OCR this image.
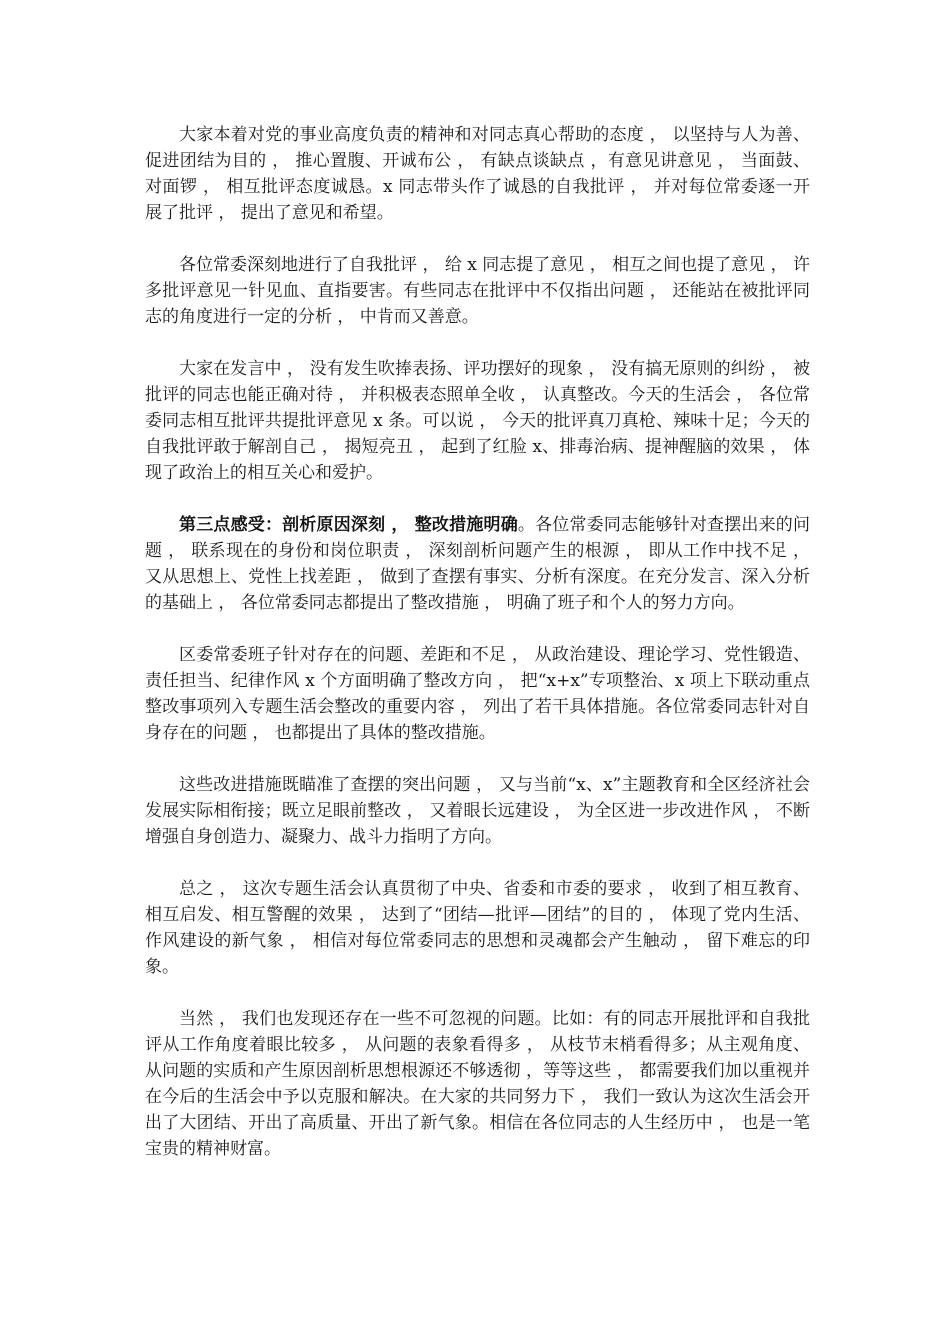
大家本着对党的事业高度负责的精神和对同志真心帮助的态度 ， 以坚持与人为善、促进团结为目的 ， 推心置腹、开诚布公 ， 有缺点谈缺点 ，有意见讲意见 ， 当面鼓、对面锣 ， 相互批评态度诚恳。x 同志带头作了诚恳的自我批评 ， 并对每位常委逐一开展了批评 ， 提出了意见和希望。

各位常委深刻地进行了自我批评 ， 给 x 同志提了意见 ， 相互之间也提了意见 ， 许多批评意见一针见血、直指要害。有些同志在批评中不仅指出问题 ， 还能站在被批评同志的角度进行一定的分析 ， 中肯而又善意。

大家在发言中 ， 没有发生吹捧表扬、评功摆好的现象 ， 没有搞无原则的纠纷 ， 被批评的同志也能正确对待 ， 并积极表态照单全收 ， 认真整改。今天的生活会 ， 各位常委同志相互批评共提批评意见 x 条。可以说 ， 今天的批评真刀真枪、辣味十足；今天的自我批评敢于解剖自己 ， 揭短亮丑 ， 起到了红脸 x、排毒治病、提神醒脑的效果 ， 体现了政治上的相互关心和爱护。

第三点感受：剖析原因深刻 ， 整改措施明确。各位常委同志能够针对查摆出来的问题 ， 联系现在的身份和岗位职责 ， 深刻剖析问题产生的根源 ， 即从工作中找不足 ， 又从思想上、党性上找差距 ， 做到了查摆有事实、分析有深度。在充分发言、深入分析的基础上 ， 各位常委同志都提出了整改措施 ， 明确了班子和个人的努力方向。

区委常委班子针对存在的问题、差距和不足 ， 从政治建设、理论学习、党性锻造、责任担当、纪律作风 x 个方面明确了整改方向 ， 把“x+x”专项整治、x 项上下联动重点整改事项列入专题生活会整改的重要内容 ， 列出了若干具体措施。各位常委同志针对自身存在的问题 ， 也都提出了具体的整改措施。

这些改进措施既瞄准了查摆的突出问题 ， 又与当前“x、x”主题教育和全区经济社会发展实际相衔接；既立足眼前整改 ， 又着眼长远建设 ， 为全区进一步改进作风 ， 不断增强自身创造力、凝聚力、战斗力指明了方向。

总之 ， 这次专题生活会认真贯彻了中央、省委和市委的要求 ， 收到了相互教育、相互启发、相互警醒的效果 ， 达到了“团结—批评—团结”的目的 ， 体现了党内生活、作风建设的新气象 ， 相信对每位常委同志的思想和灵魂都会产生触动 ， 留下难忘的印象。

当然 ， 我们也发现还存在一些不可忽视的问题。比如：有的同志开展批评和自我批评从工作角度着眼比较多 ， 从问题的表象看得多 ， 从枝节末梢看得多；从主观角度、从问题的实质和产生原因剖析思想根源还不够透彻 ，等等这些 ， 都需要我们加以重视并在今后的生活会中予以克服和解决。在大家的共同努力下 ， 我们一致认为这次生活会开出了大团结、开出了高质量、开出了新气象。相信在各位同志的人生经历中 ， 也是一笔宝贵的精神财富。
